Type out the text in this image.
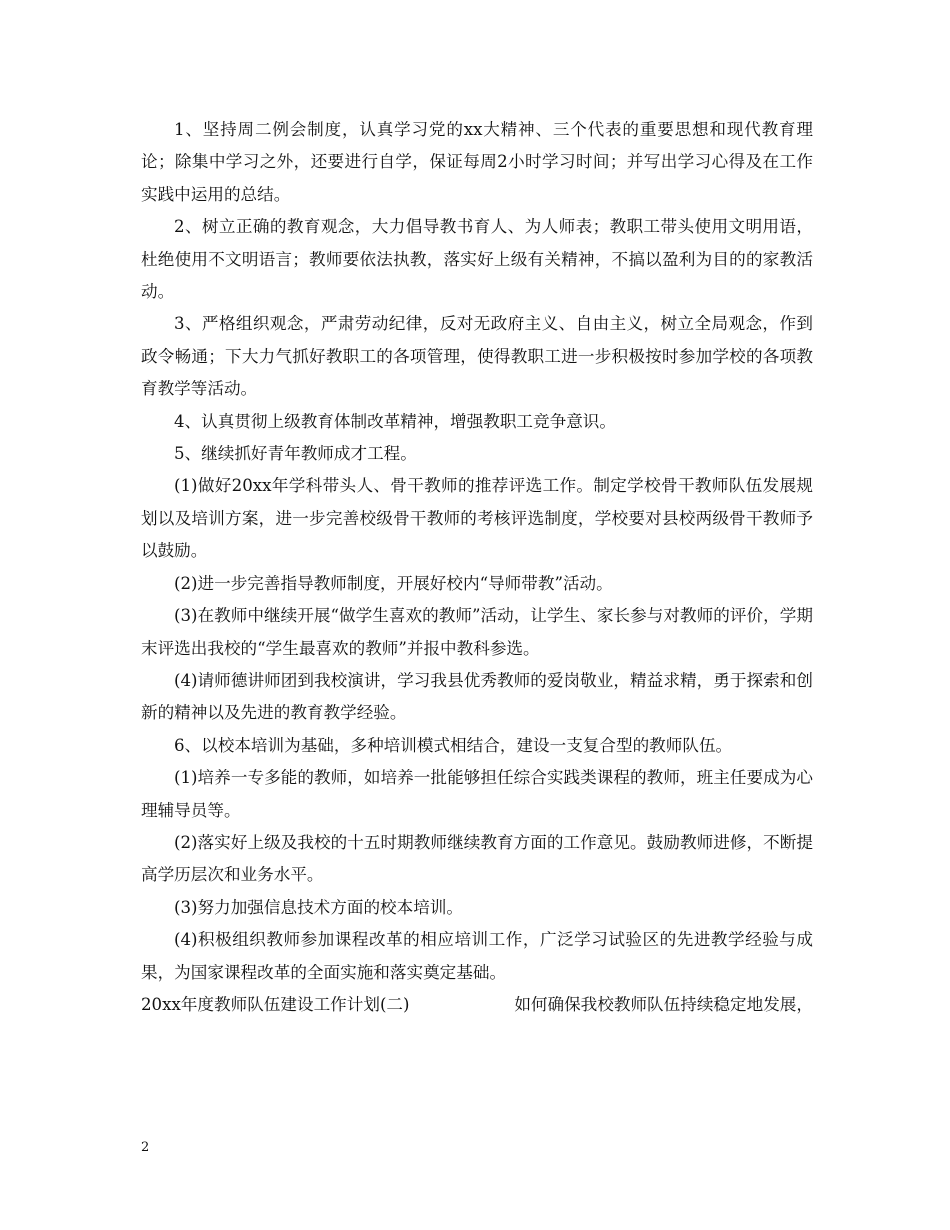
1、坚持周二例会制度，认真学习党的xx大精神、三个代表的重要思想和现代教育理论；除集中学习之外，还要进行自学，保证每周2小时学习时间；并写出学习心得及在工作实践中运用的总结。

2、树立正确的教育观念，大力倡导教书育人、为人师表；教职工带头使用文明用语，杜绝使用不文明语言；教师要依法执教，落实好上级有关精神，不搞以盈利为目的的家教活动。

3、严格组织观念，严肃劳动纪律，反对无政府主义、自由主义，树立全局观念，作到政令畅通；下大力气抓好教职工的各项管理，使得教职工进一步积极按时参加学校的各项教育教学等活动。

4、认真贯彻上级教育体制改革精神，增强教职工竞争意识。

5、继续抓好青年教师成才工程。

(1)做好20xx年学科带头人、骨干教师的推荐评选工作。制定学校骨干教师队伍发展规划以及培训方案，进一步完善校级骨干教师的考核评选制度，学校要对县校两级骨干教师予以鼓励。

(2)进一步完善指导教师制度，开展好校内“导师带教”活动。

(3)在教师中继续开展“做学生喜欢的教师”活动，让学生、家长参与对教师的评价，学期末评选出我校的“学生最喜欢的教师”并报中教科参选。

(4)请师德讲师团到我校演讲，学习我县优秀教师的爱岗敬业，精益求精，勇于探索和创新的精神以及先进的教育教学经验。

6、以校本培训为基础，多种培训模式相结合，建设一支复合型的教师队伍。

(1)培养一专多能的教师，如培养一批能够担任综合实践类课程的教师，班主任要成为心理辅导员等。

(2)落实好上级及我校的十五时期教师继续教育方面的工作意见。鼓励教师进修，不断提高学历层次和业务水平。

(3)努力加强信息技术方面的校本培训。

(4)积极组织教师参加课程改革的相应培训工作，广泛学习试验区的先进教学经验与成果，为国家课程改革的全面实施和落实奠定基础。

20xx年度教师队伍建设工作计划(二)	如何确保我校教师队伍持续稳定地发展，
2
